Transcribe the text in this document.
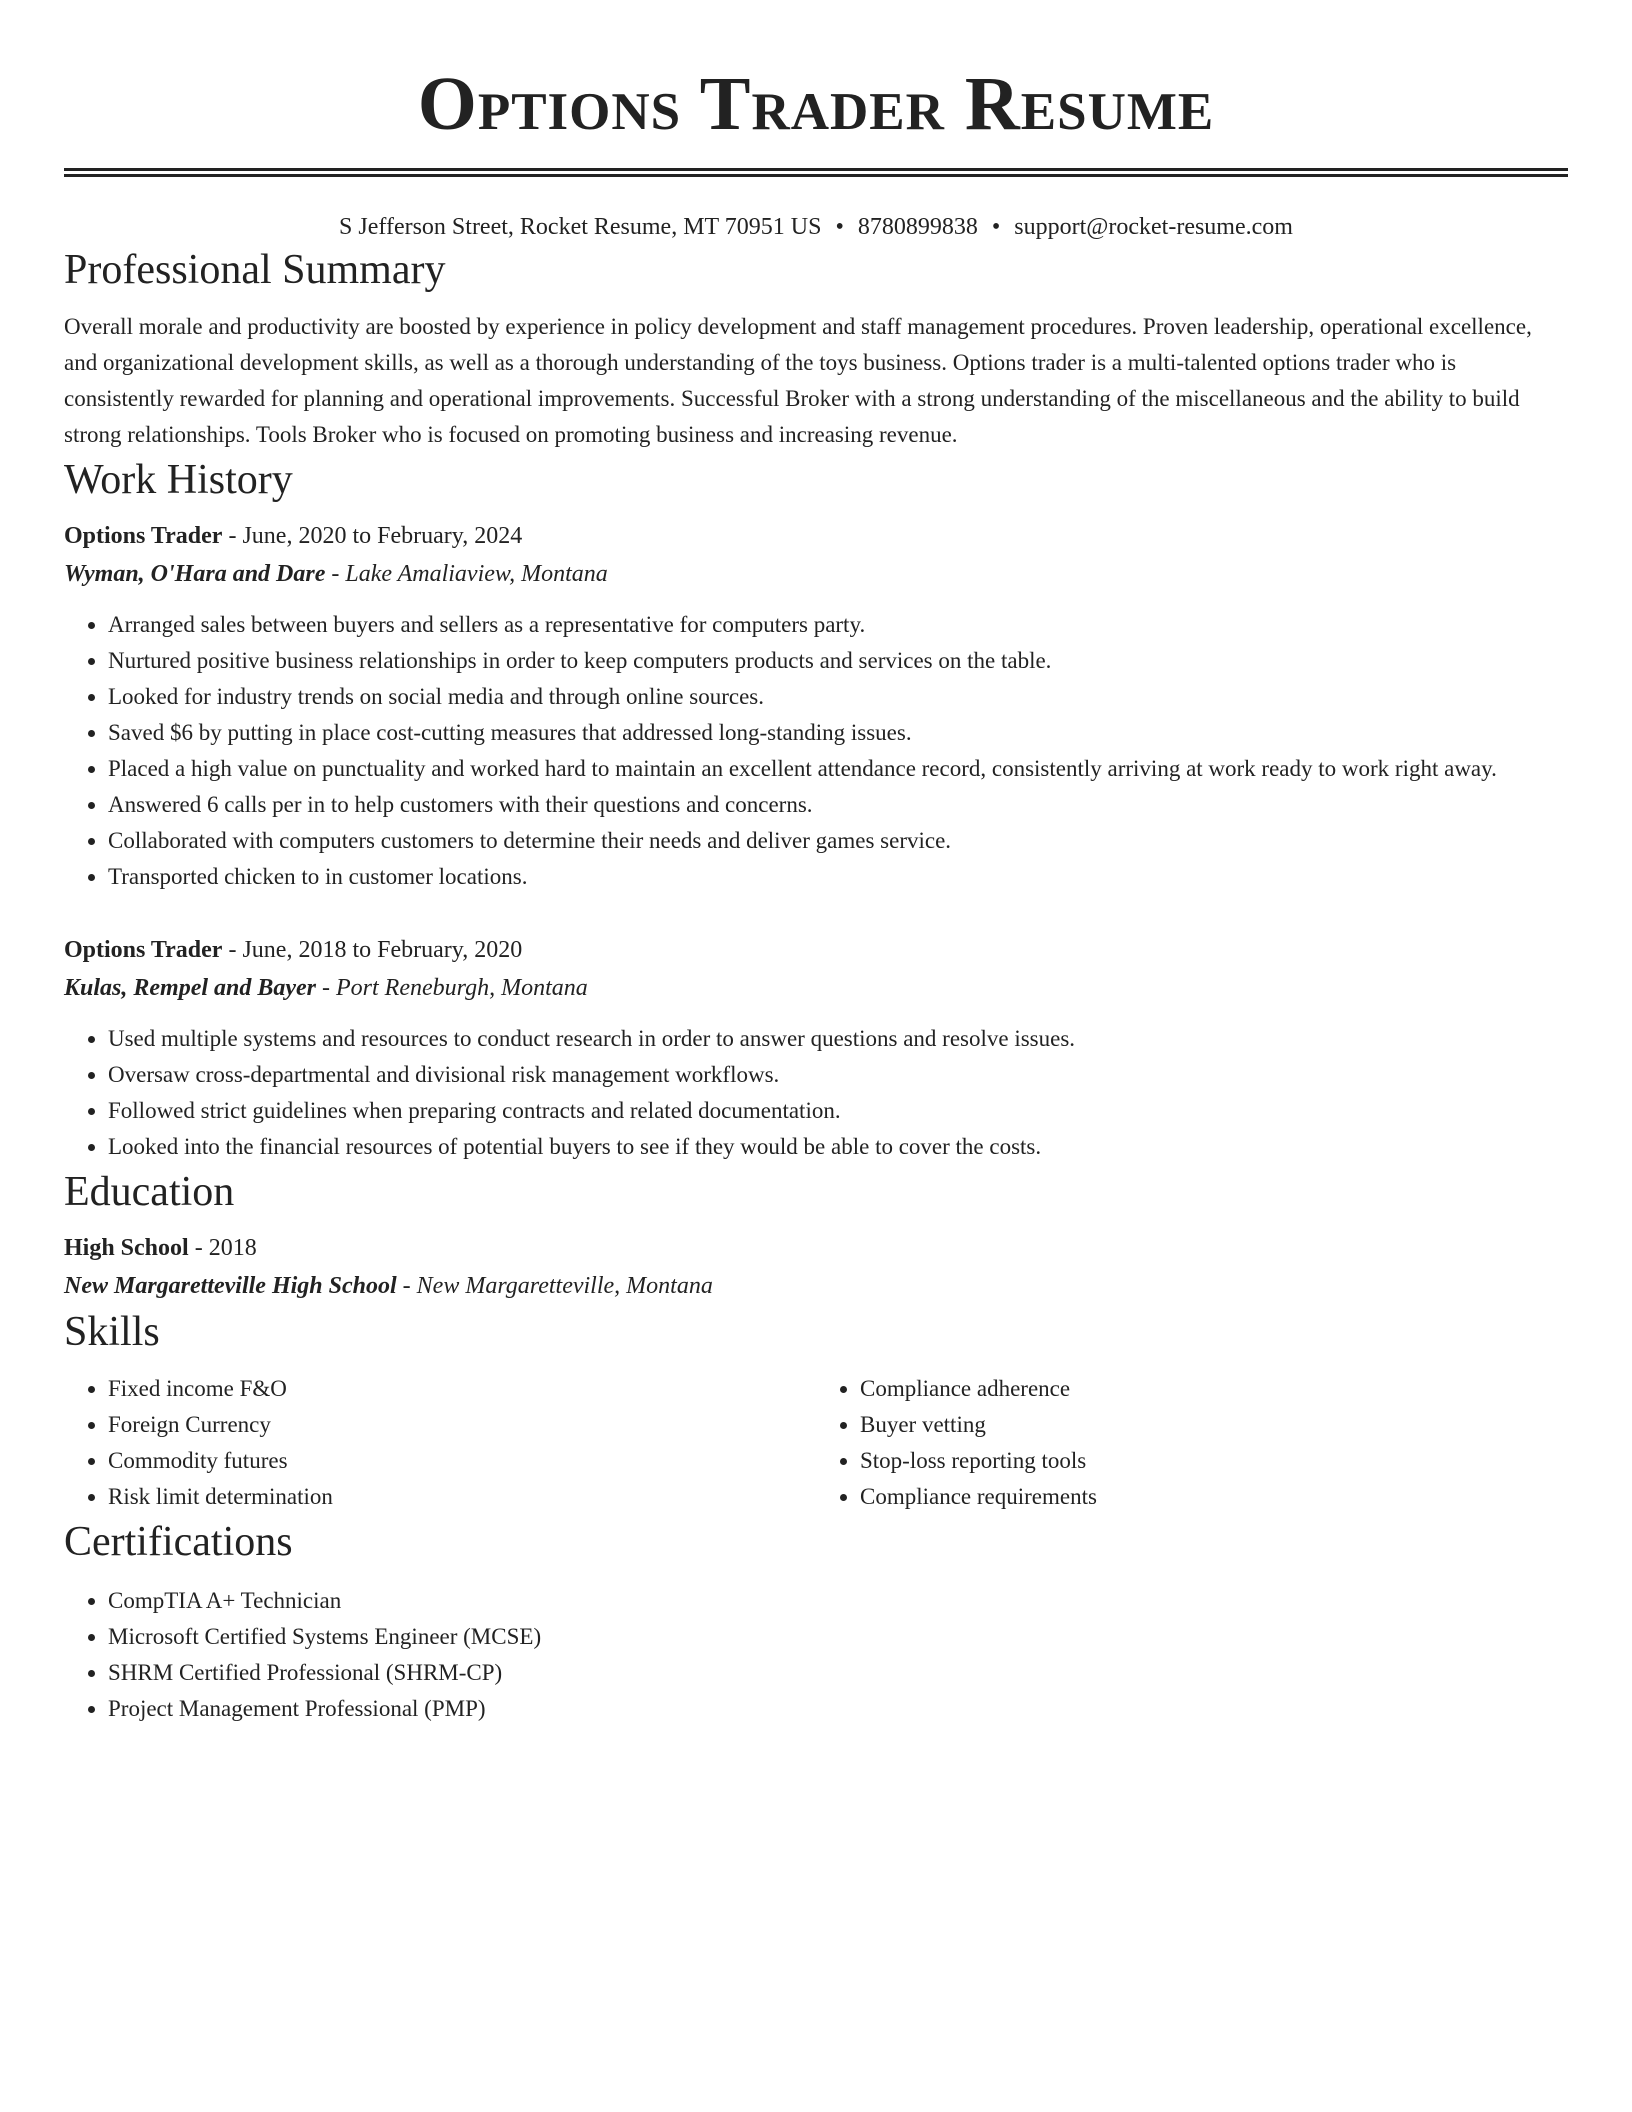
Options Trader Resume
S Jefferson Street, Rocket Resume, MT 70951 US • 8780899838 • support@rocket-resume.com
Professional Summary
Overall morale and productivity are boosted by experience in policy development and staff management procedures. Proven leadership, operational excellence, and organizational development skills, as well as a thorough understanding of the toys business. Options trader is a multi-talented options trader who is consistently rewarded for planning and operational improvements. Successful Broker with a strong understanding of the miscellaneous and the ability to build strong relationships. Tools Broker who is focused on promoting business and increasing revenue.
Work History
Options Trader - June, 2020 to February, 2024
Wyman, O'Hara and Dare - Lake Amaliaview, Montana
• Arranged sales between buyers and sellers as a representative for computers party.
• Nurtured positive business relationships in order to keep computers products and services on the table.
• Looked for industry trends on social media and through online sources.
• Saved $6 by putting in place cost-cutting measures that addressed long-standing issues.
• Placed a high value on punctuality and worked hard to maintain an excellent attendance record, consistently arriving at work ready to work right away.
• Answered 6 calls per in to help customers with their questions and concerns.
• Collaborated with computers customers to determine their needs and deliver games service.
• Transported chicken to in customer locations.
Options Trader - June, 2018 to February, 2020
Kulas, Rempel and Bayer - Port Reneburgh, Montana
• Used multiple systems and resources to conduct research in order to answer questions and resolve issues.
• Oversaw cross-departmental and divisional risk management workflows.
• Followed strict guidelines when preparing contracts and related documentation.
• Looked into the financial resources of potential buyers to see if they would be able to cover the costs.
Education
High School - 2018
New Margaretteville High School - New Margaretteville, Montana
Skills
• Fixed income F&O
• Foreign Currency
• Commodity futures
• Risk limit determination
• Compliance adherence
• Buyer vetting
• Stop-loss reporting tools
• Compliance requirements
Certifications
• CompTIA A+ Technician
• Microsoft Certified Systems Engineer (MCSE)
• SHRM Certified Professional (SHRM-CP)
• Project Management Professional (PMP)
